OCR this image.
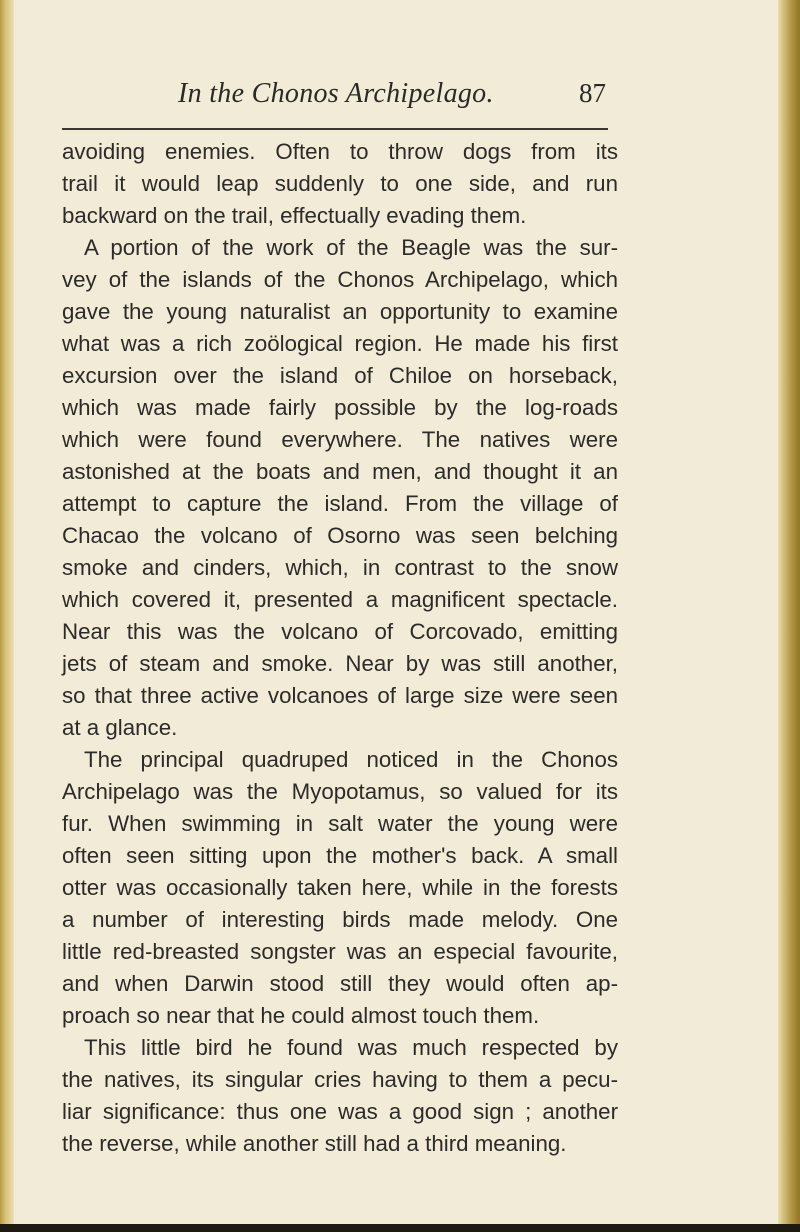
In the Chonos Archipelago.	87
avoiding enemies. Often to throw dogs from its
trail it would leap suddenly to one side, and run
backward on the trail, effectually evading them.
A portion of the work of the Beagle was the sur-
vey of the islands of the Chonos Archipelago, which
gave the young naturalist an opportunity to examine
what was a rich zoölogical region. He made his first
excursion over the island of Chiloe on horseback,
which was made fairly possible by the log-roads
which were found everywhere. The natives were
astonished at the boats and men, and thought it an
attempt to capture the island. From the village of
Chacao the volcano of Osorno was seen belching
smoke and cinders, which, in contrast to the snow
which covered it, presented a magnificent spectacle.
Near this was the volcano of Corcovado, emitting
jets of steam and smoke. Near by was still another,
so that three active volcanoes of large size were seen
at a glance.
The principal quadruped noticed in the Chonos
Archipelago was the Myopotamus, so valued for its
fur. When swimming in salt water the young were
often seen sitting upon the mother's back. A small
otter was occasionally taken here, while in the forests
a number of interesting birds made melody. One
little red-breasted songster was an especial favourite,
and when Darwin stood still they would often ap-
proach so near that he could almost touch them.
This little bird he found was much respected by
the natives, its singular cries having to them a pecu-
liar significance: thus one was a good sign ; another
the reverse, while another still had a third meaning.
